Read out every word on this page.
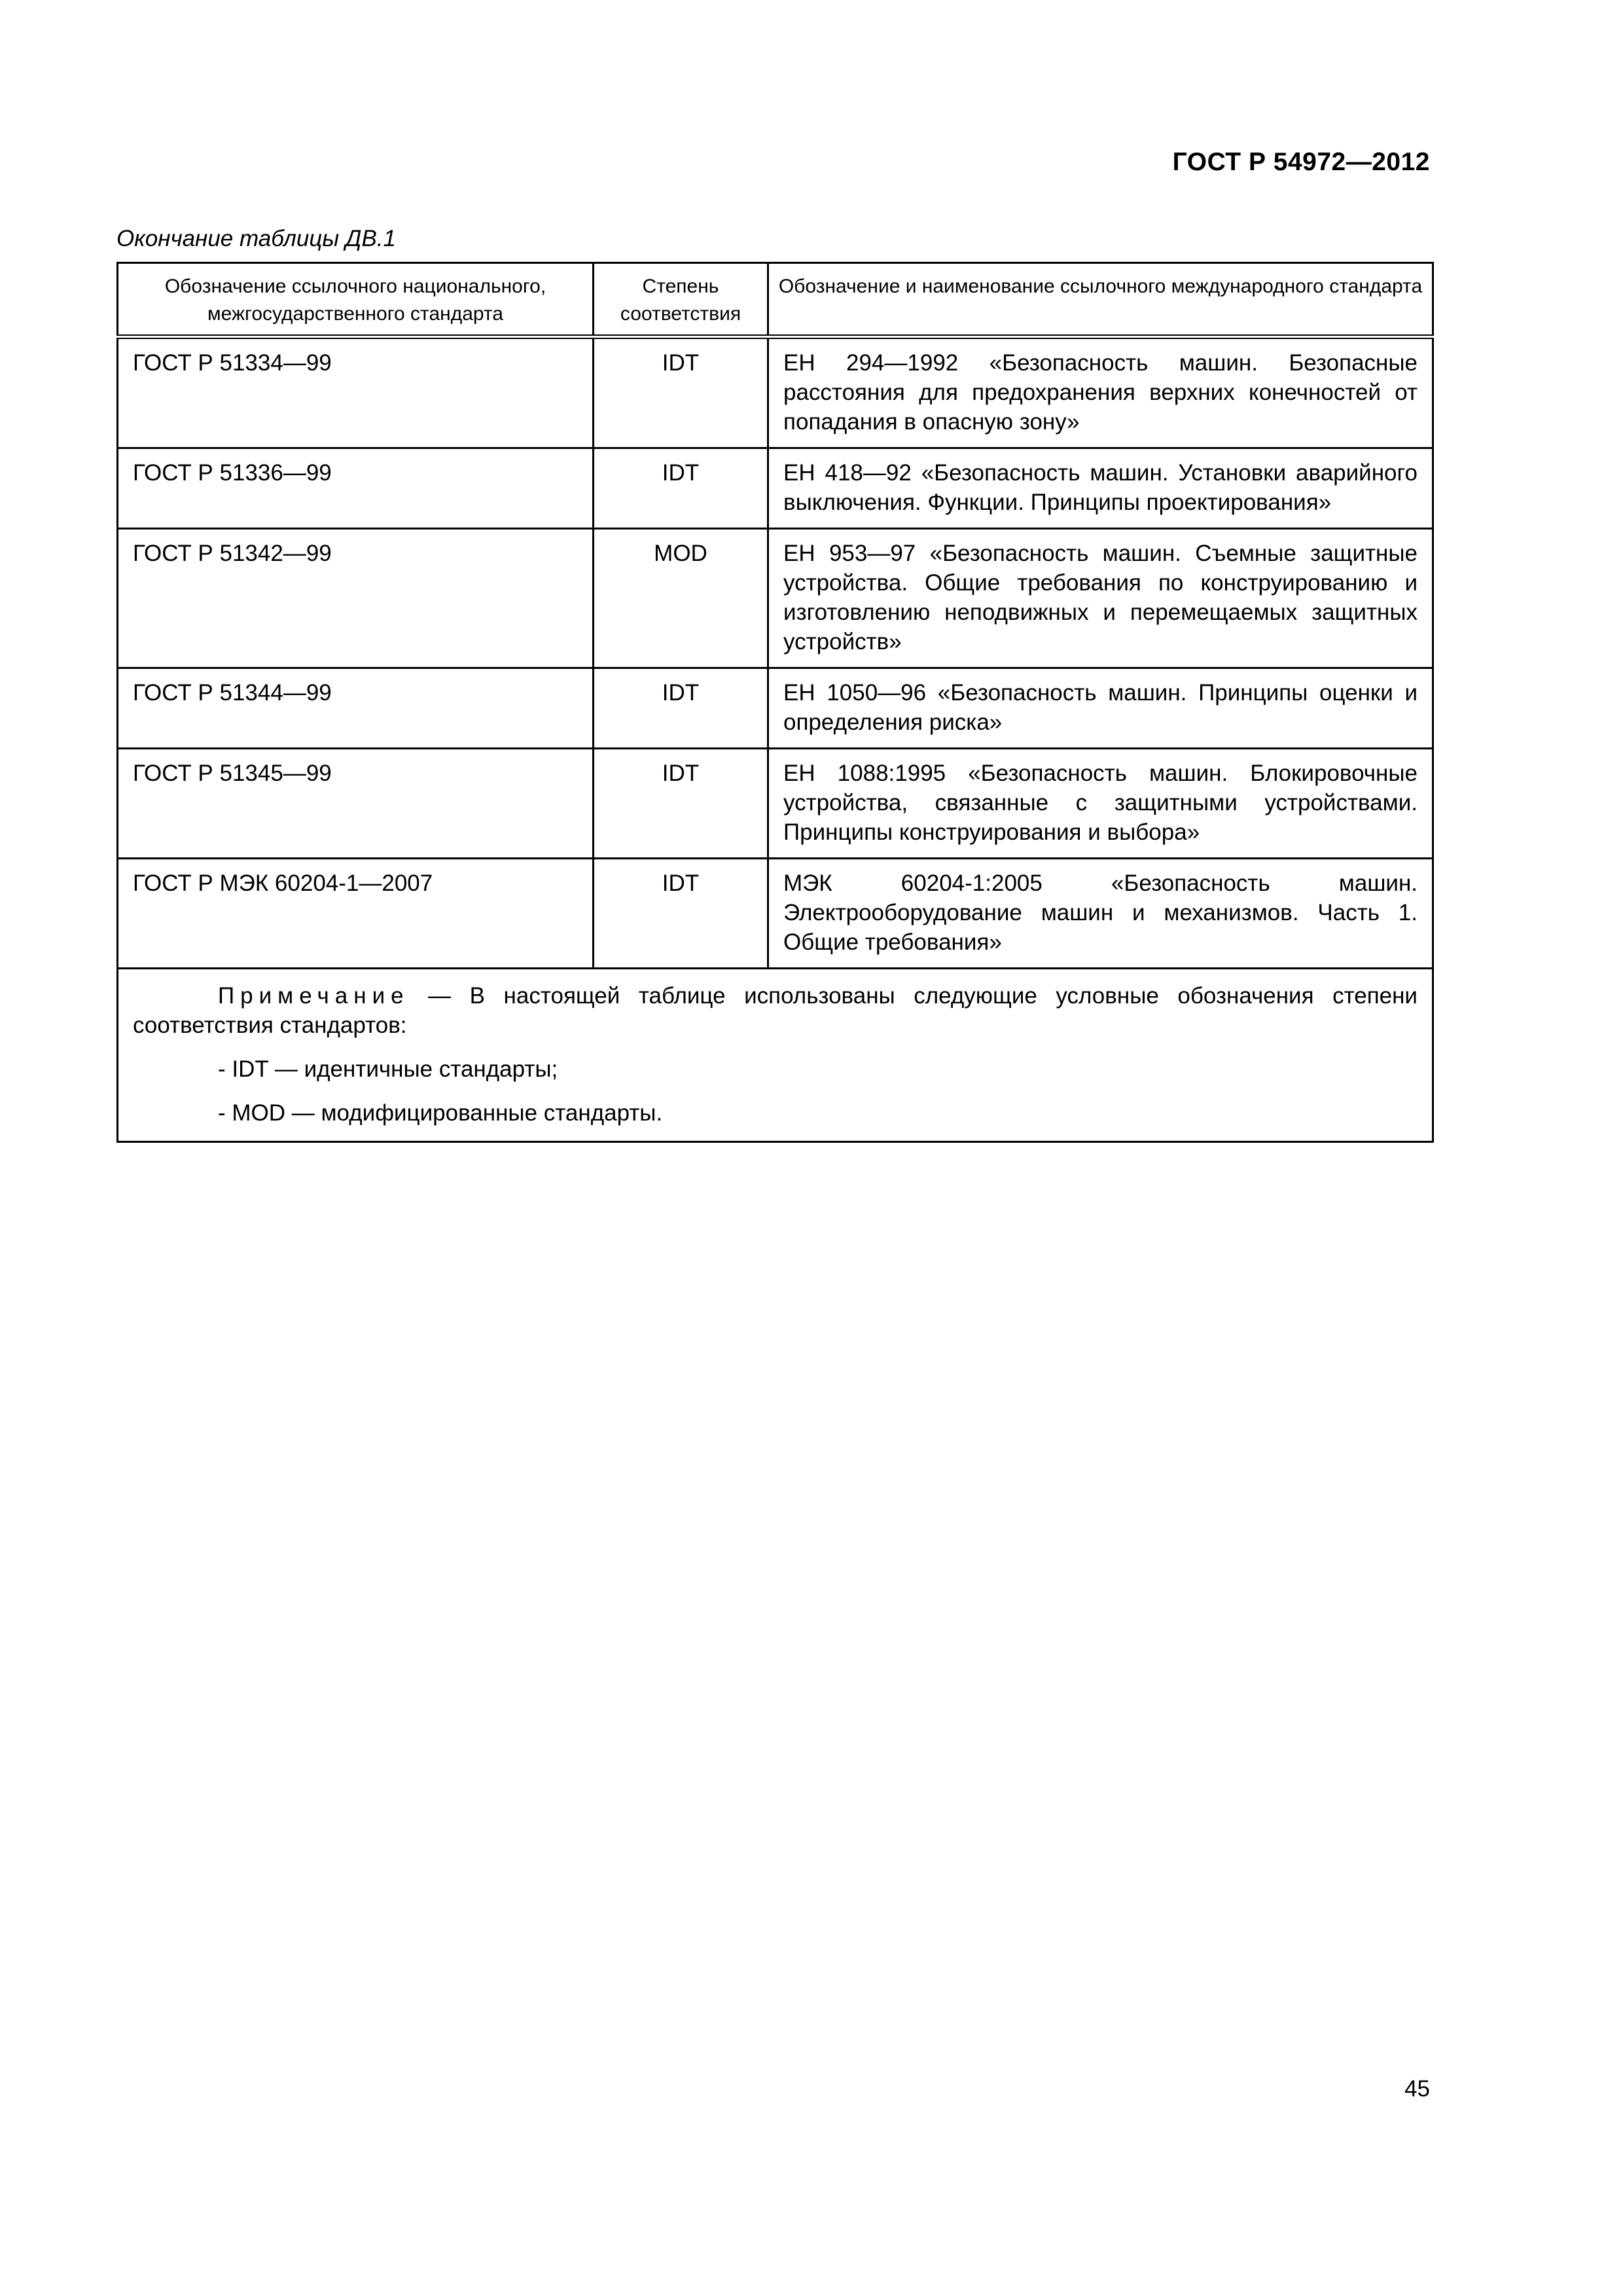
ГОСТ Р 54972—2012
Окончание таблицы ДВ.1
Обозначение ссылочного национального, межгосударственного стандарта	Степень соответствия	Обозначение и наименование ссылочного международного стандарта
ГОСТ Р 51334—99	IDT	ЕН 294—1992 «Безопасность машин. Безопасные расстояния для предохранения верхних конечностей от попадания в опасную зону»
ГОСТ Р 51336—99	IDT	ЕН 418—92 «Безопасность машин. Установки аварийного выключения. Функции. Принципы проектирования»
ГОСТ Р 51342—99	MOD	ЕН 953—97 «Безопасность машин. Съемные защитные устройства. Общие требования по конструированию и изготовлению неподвижных и перемещаемых защитных устройств»
ГОСТ Р 51344—99	IDT	ЕН 1050—96 «Безопасность машин. Принципы оценки и определения риска»
ГОСТ Р 51345—99	IDT	ЕН 1088:1995 «Безопасность машин. Блокировочные устройства, связанные с защитными устройствами. Принципы конструирования и выбора»
ГОСТ Р МЭК 60204-1—2007	IDT	МЭК 60204-1:2005 «Безопасность машин. Электрооборудование машин и механизмов. Часть 1. Общие требования»

Примечание — В настоящей таблице использованы следующие условные обозначения степени соответствия стандартов:
- IDT — идентичные стандарты;
- MOD — модифицированные стандарты.		
45
